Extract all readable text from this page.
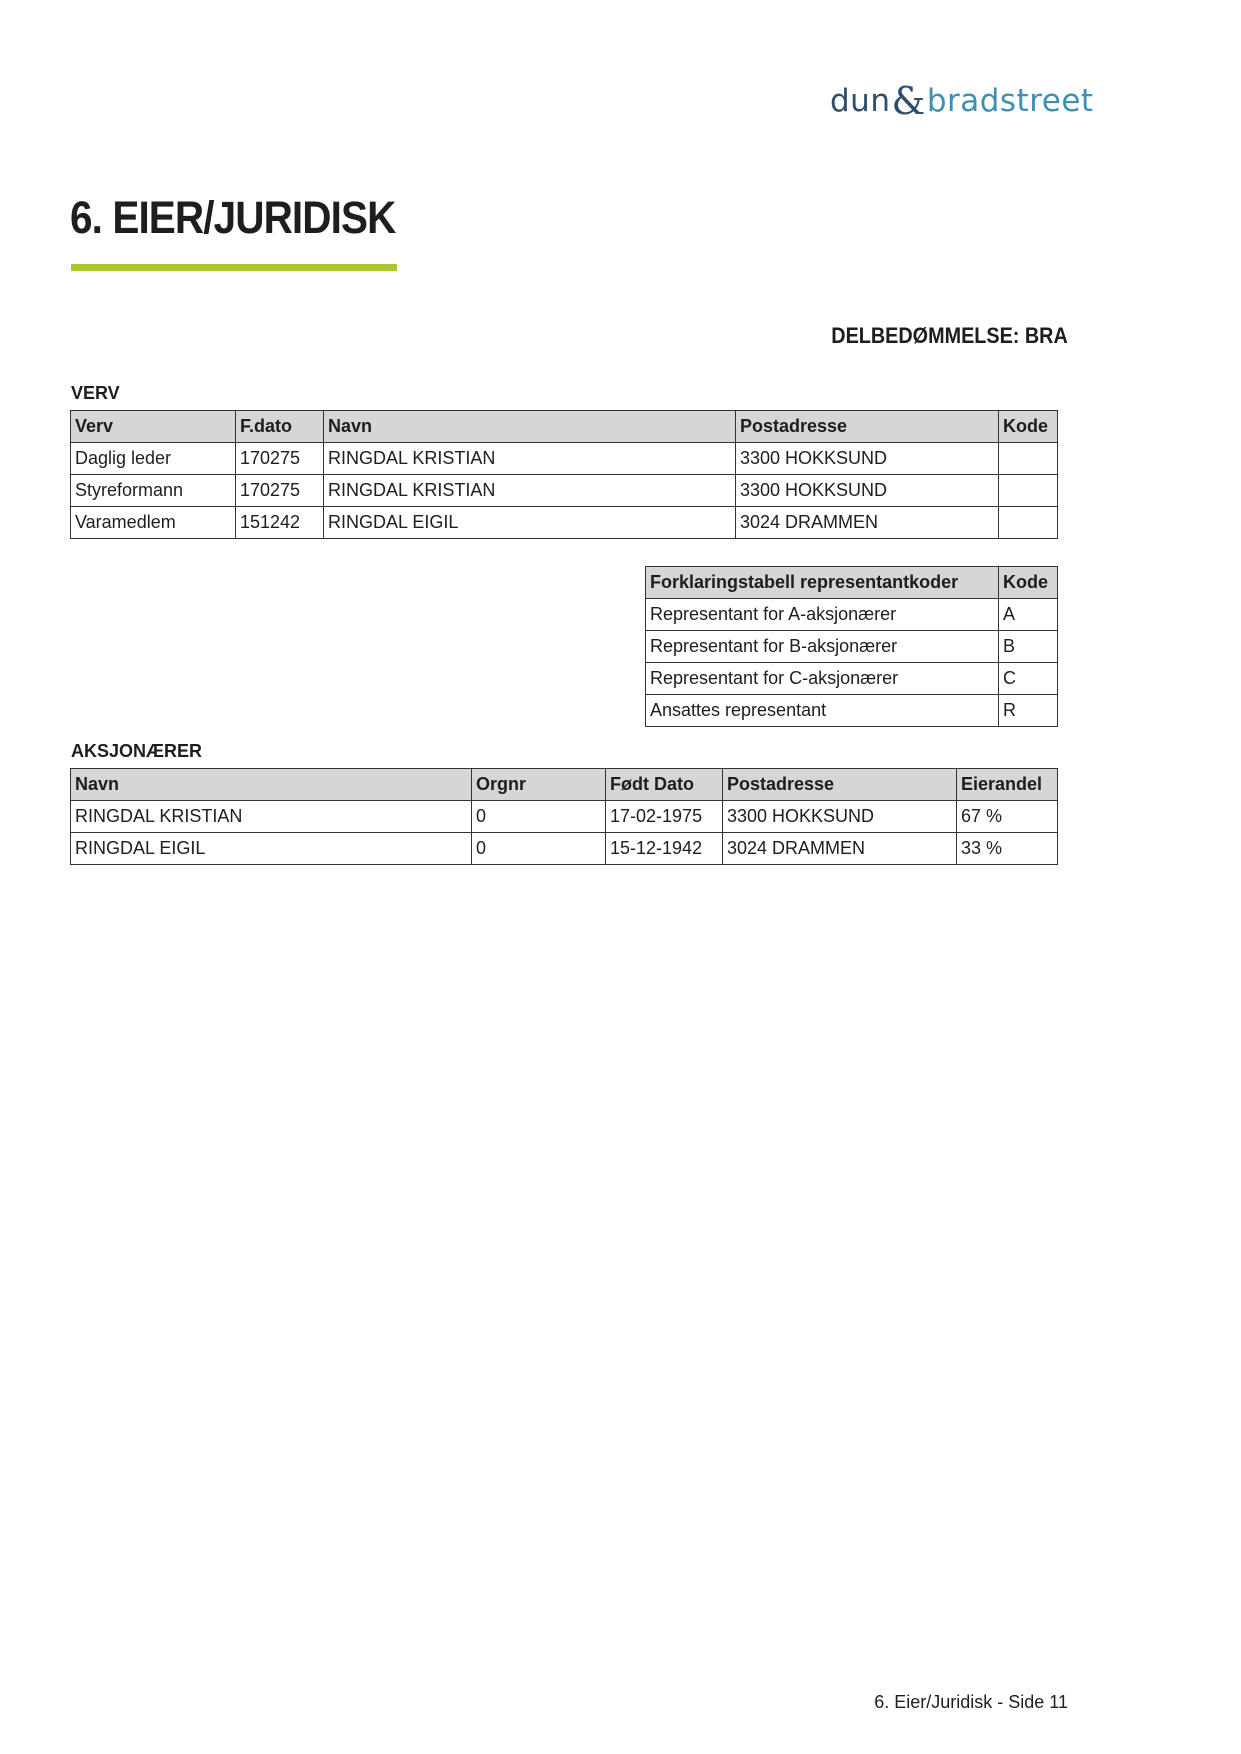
dun & bradstreet
6. EIER/JURIDISK
DELBEDØMMELSE: BRA
VERV
Verv	F.dato	Navn	Postadresse	Kode
Daglig leder	170275	RINGDAL KRISTIAN	3300 HOKKSUND	
Styreformann	170275	RINGDAL KRISTIAN	3300 HOKKSUND	
Varamedlem	151242	RINGDAL EIGIL	3024 DRAMMEN	
Forklaringstabell representantkoder	Kode
Representant for A-aksjonærer	A
Representant for B-aksjonærer	B
Representant for C-aksjonærer	C
Ansattes representant	R
AKSJONÆRER
Navn	Orgnr	Født Dato	Postadresse	Eierandel
RINGDAL KRISTIAN	0	17-02-1975	3300 HOKKSUND	67 %
RINGDAL EIGIL	0	15-12-1942	3024 DRAMMEN	33 %
6. Eier/Juridisk - Side 11
